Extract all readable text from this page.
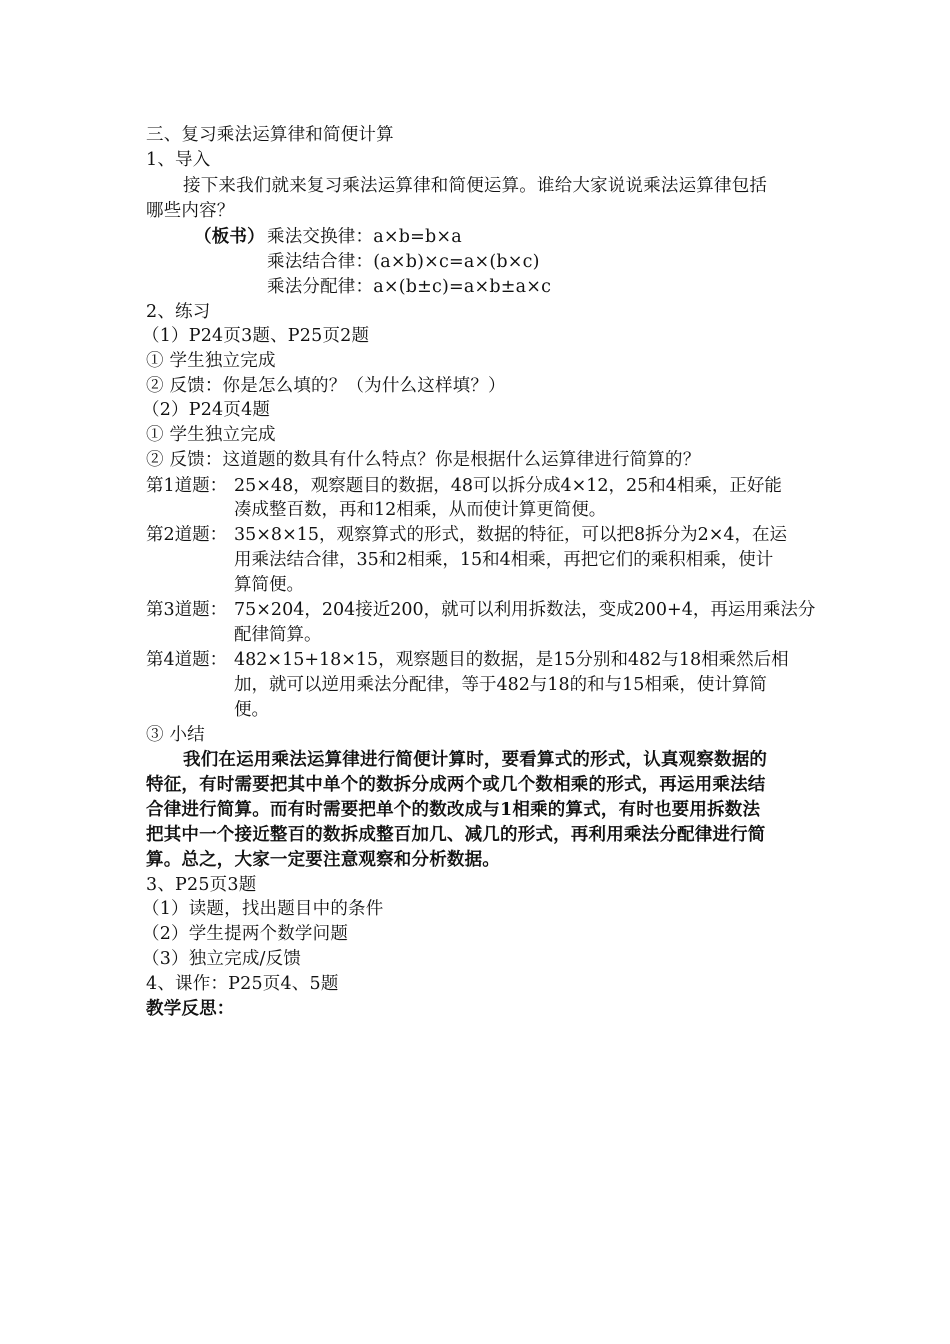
三、复习乘法运算律和简便计算
1、导入
接下来我们就来复习乘法运算律和简便运算。谁给大家说说乘法运算律包括
哪些内容？
（板书） 乘法交换律：a×b=b×a
乘法结合律：(a×b)×c=a×(b×c)
乘法分配律：a×(b±c)=a×b±a×c
2、练习
（1）P24页3题、P25页2题
① 学生独立完成
② 反馈：你是怎么填的？（为什么这样填？）
（2）P24页4题
① 学生独立完成
② 反馈：这道题的数具有什么特点？你是根据什么运算律进行简算的？
第1道题： 25×48，观察题目的数据，48可以拆分成4×12，25和4相乘，正好能
凑成整百数，再和12相乘，从而使计算更简便。
第2道题： 35×8×15，观察算式的形式，数据的特征，可以把8拆分为2×4，在运
用乘法结合律，35和2相乘，15和4相乘，再把它们的乘积相乘，使计
算简便。
第3道题： 75×204，204接近200，就可以利用拆数法，变成200+4，再运用乘法分
配律简算。
第4道题： 482×15+18×15，观察题目的数据，是15分别和482与18相乘然后相
加，就可以逆用乘法分配律，等于482与18的和与15相乘，使计算简
便。
③ 小结
我们在运用乘法运算律进行简便计算时，要看算式的形式，认真观察数据的
特征，有时需要把其中单个的数拆分成两个或几个数相乘的形式，再运用乘法结
合律进行简算。而有时需要把单个的数改成与1相乘的算式，有时也要用拆数法
把其中一个接近整百的数拆成整百加几、减几的形式，再利用乘法分配律进行简
算。总之，大家一定要注意观察和分析数据。
3、P25页3题
（1）读题，找出题目中的条件
（2）学生提两个数学问题
（3）独立完成/反馈
4、课作：P25页4、5题
教学反思：
